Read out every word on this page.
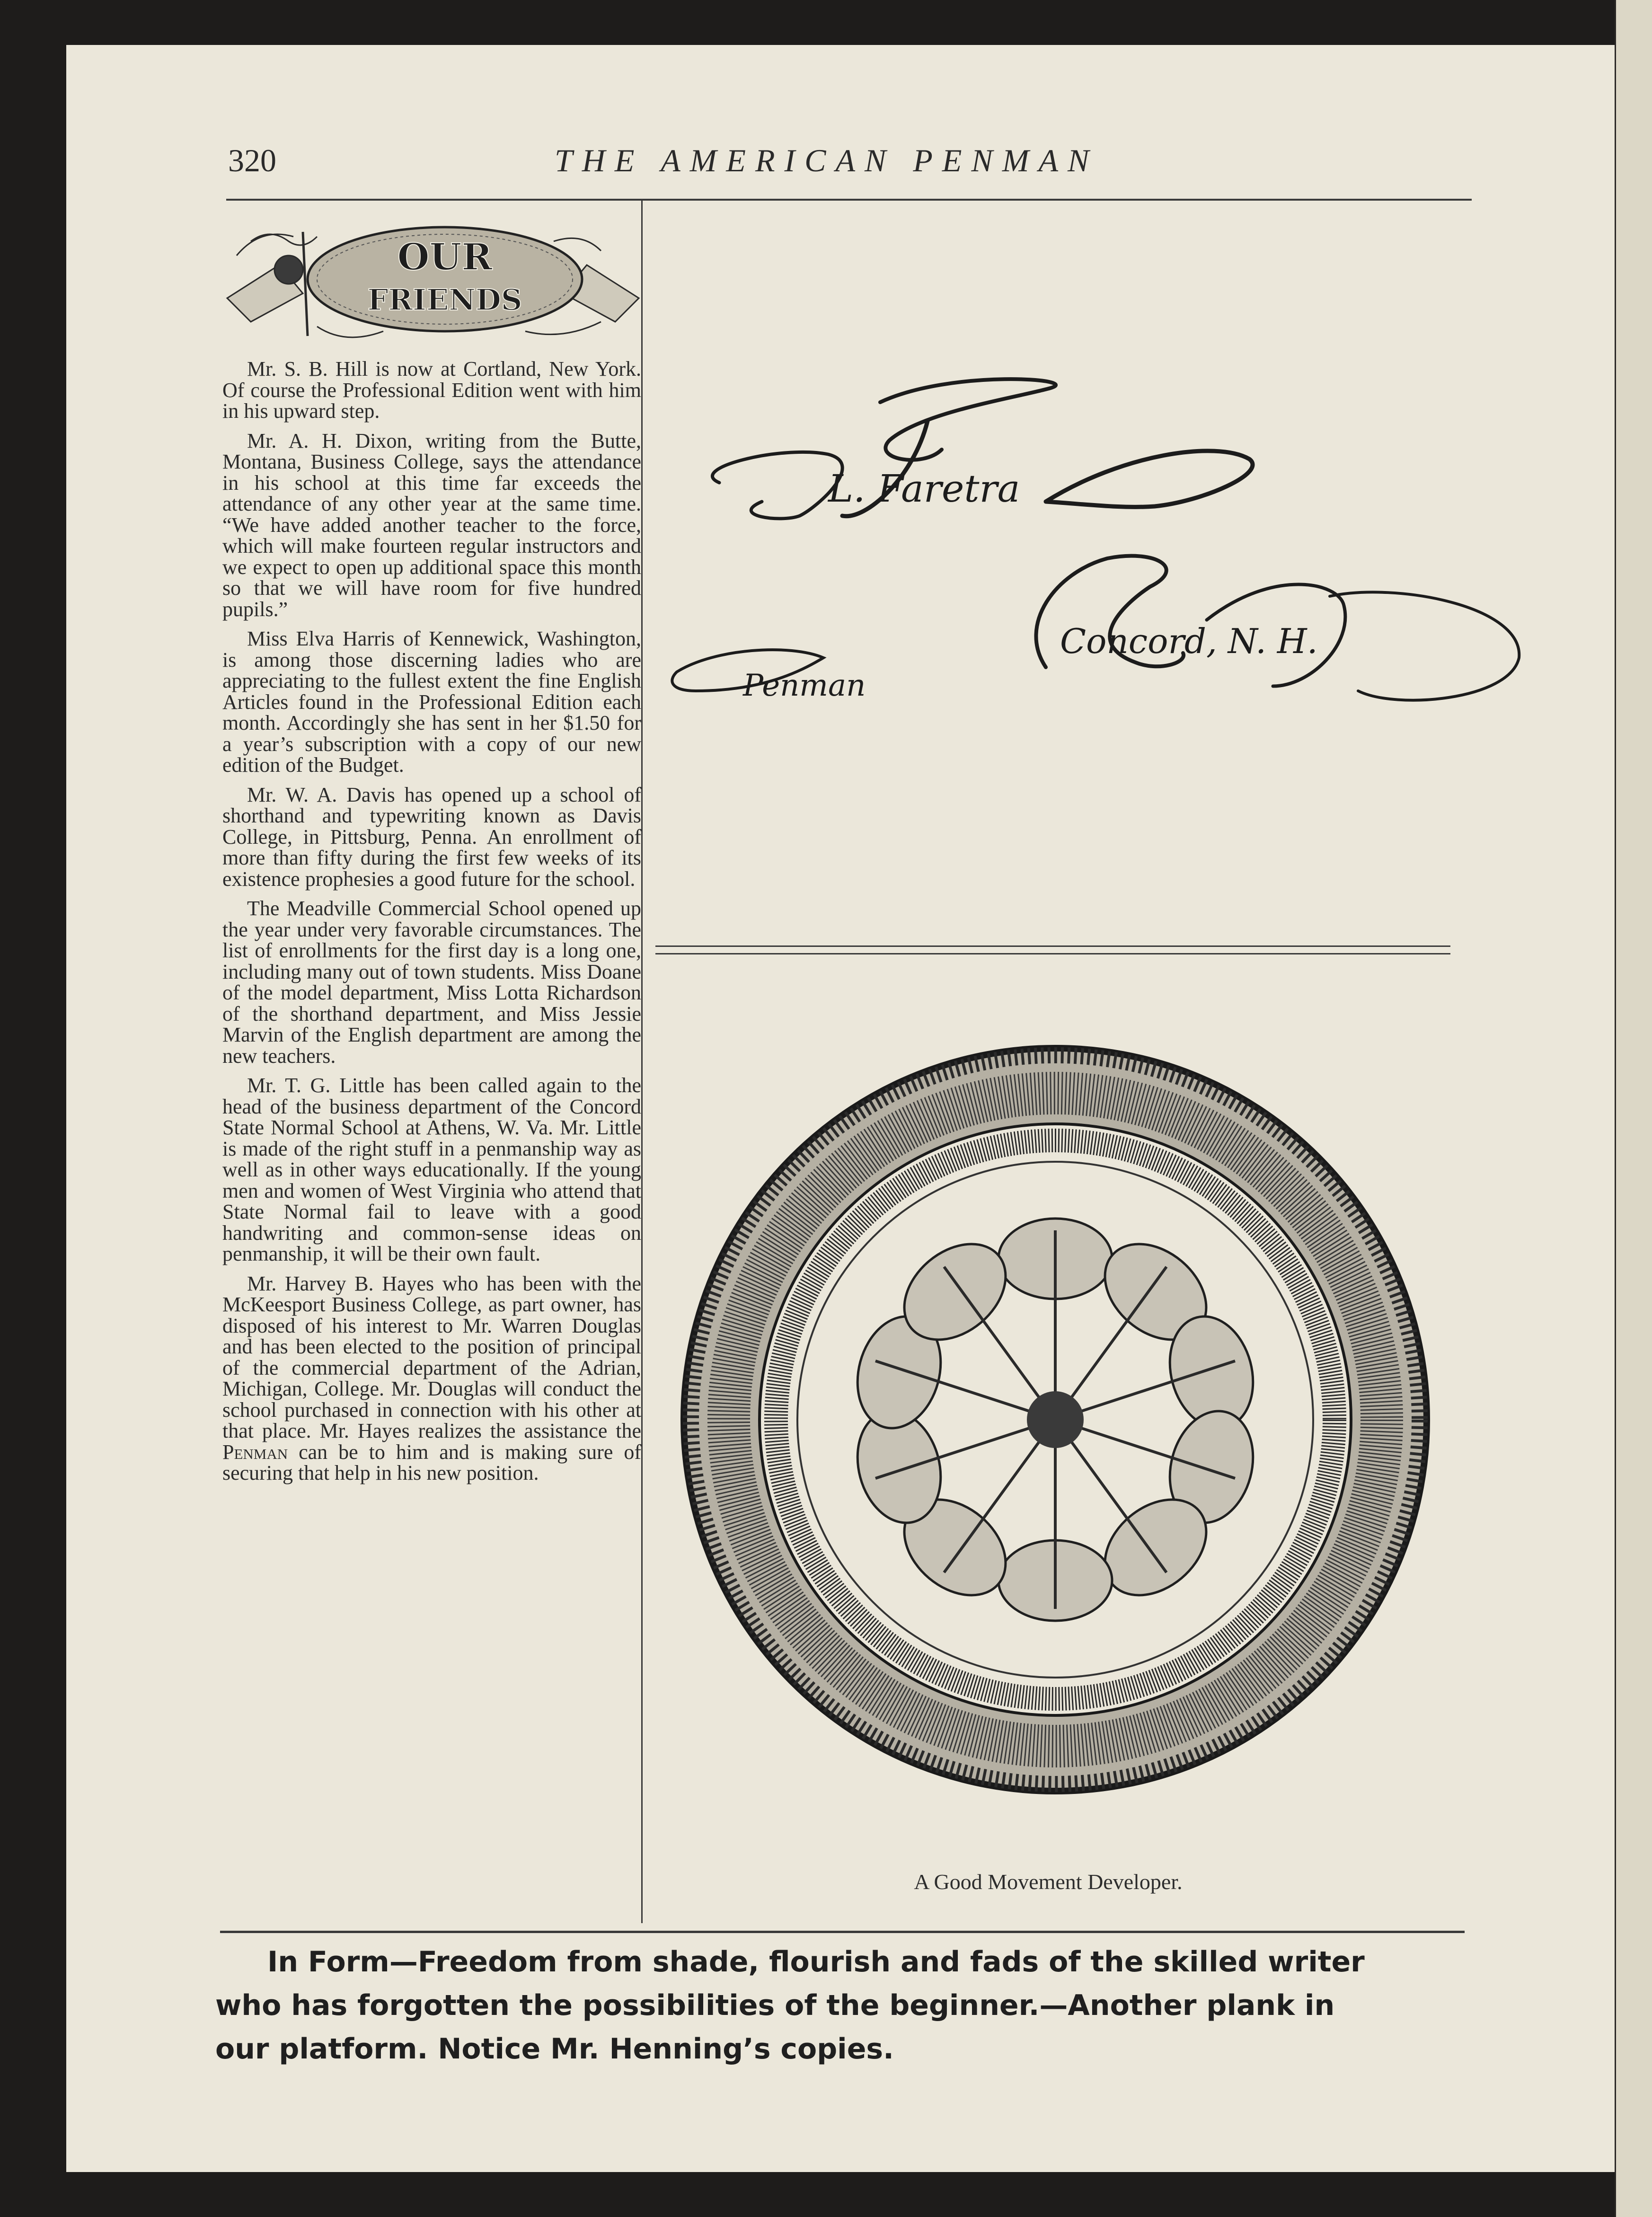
320	THE AMERICAN PENMAN
OUR
FRIENDS

Mr. S. B. Hill is now at Cortland, New York. Of course the Professional Edition went with him in his upward step.

Mr. A. H. Dixon, writing from the Butte, Montana, Business College, says the attendance in his school at this time far exceeds the attendance of any other year at the same time. “We have added another teacher to the force, which will make fourteen regular instructors and we expect to open up additional space this month so that we will have room for five hundred pupils.”

Miss Elva Harris of Kennewick, Washington, is among those discerning ladies who are appreciating to the fullest extent the fine English Articles found in the Professional Edition each month. Accordingly she has sent in her $1.50 for a year’s subscription with a copy of our new edition of the Budget.

Mr. W. A. Davis has opened up a school of shorthand and typewriting known as Davis College, in Pittsburg, Penna. An enrollment of more than fifty during the first few weeks of its existence prophesies a good future for the school.

The Meadville Commercial School opened up the year under very favorable circumstances. The list of enrollments for the first day is a long one, including many out of town students. Miss Doane of the model department, Miss Lotta Richardson of the shorthand department, and Miss Jessie Marvin of the English department are among the new teachers.

Mr. T. G. Little has been called again to the head of the business department of the Concord State Normal School at Athens, W. Va. Mr. Little is made of the right stuff in a penmanship way as well as in other ways educationally. If the young men and women of West Virginia who attend that State Normal fail to leave with a good handwriting and common-sense ideas on penmanship, it will be their own fault.

Mr. Harvey B. Hayes who has been with the McKeesport Business College, as part owner, has disposed of his interest to Mr. Warren Douglas and has been elected to the position of principal of the commercial department of the Adrian, Michigan, College. Mr. Douglas will conduct the school purchased in connection with his other at that place. Mr. Hayes realizes the assistance the Penman can be to him and is making sure of securing that help in his new position.

L. Faretra
Penman
Concord, N. H.
A Good Movement Developer.
In Form—Freedom from shade, flourish and fads of the skilled writer
who has forgotten the possibilities of the beginner.—Another plank in
our platform. Notice Mr. Henning’s copies.
